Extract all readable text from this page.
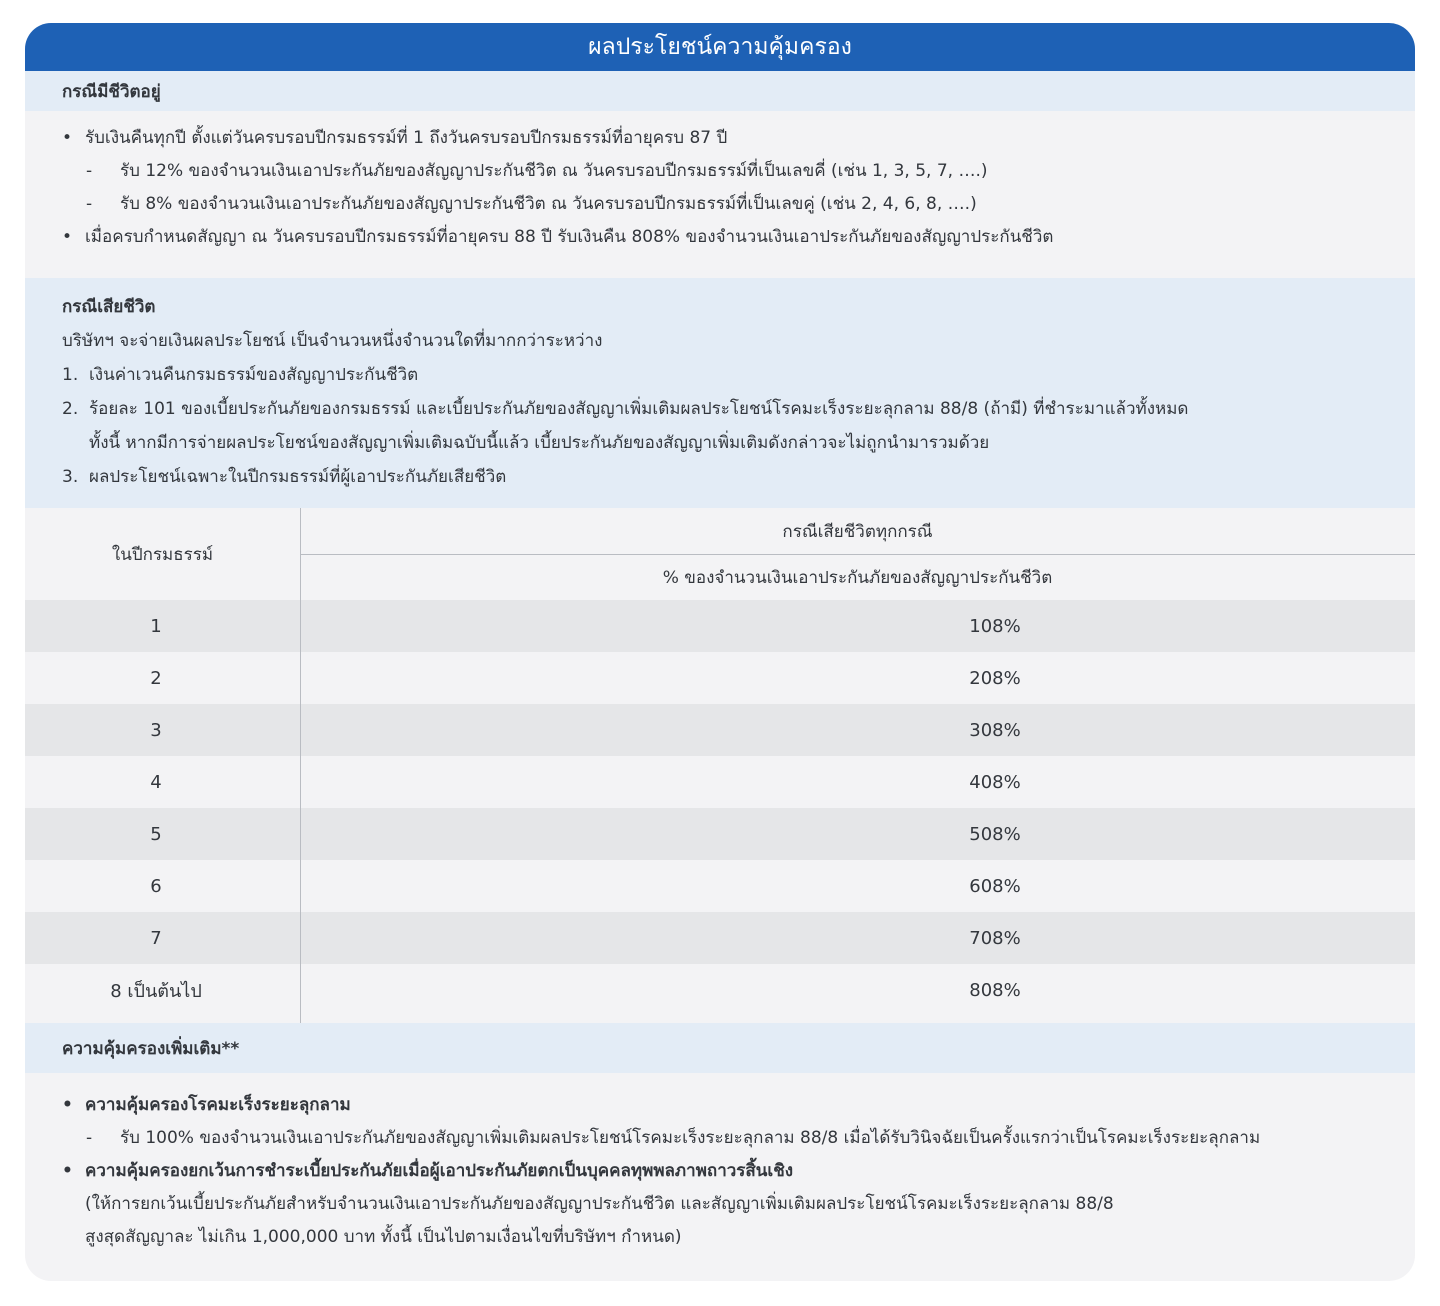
ผลประโยชน์ความคุ้มครอง
กรณีมีชีวิตอยู่
• รับเงินคืนทุกปี ตั้งแต่วันครบรอบปีกรมธรรม์ที่ 1 ถึงวันครบรอบปีกรมธรรม์ที่อายุครบ 87 ปี
- รับ 12% ของจำนวนเงินเอาประกันภัยของสัญญาประกันชีวิต ณ วันครบรอบปีกรมธรรม์ที่เป็นเลขคี่ (เช่น 1, 3, 5, 7, ….)
- รับ 8% ของจำนวนเงินเอาประกันภัยของสัญญาประกันชีวิต ณ วันครบรอบปีกรมธรรม์ที่เป็นเลขคู่ (เช่น 2, 4, 6, 8, ….)
• เมื่อครบกำหนดสัญญา ณ วันครบรอบปีกรมธรรม์ที่อายุครบ 88 ปี รับเงินคืน 808% ของจำนวนเงินเอาประกันภัยของสัญญาประกันชีวิต
กรณีเสียชีวิต
บริษัทฯ จะจ่ายเงินผลประโยชน์ เป็นจำนวนหนึ่งจำนวนใดที่มากกว่าระหว่าง
1. เงินค่าเวนคืนกรมธรรม์ของสัญญาประกันชีวิต
2. ร้อยละ 101 ของเบี้ยประกันภัยของกรมธรรม์ และเบี้ยประกันภัยของสัญญาเพิ่มเติมผลประโยชน์โรคมะเร็งระยะลุกลาม 88/8 (ถ้ามี) ที่ชำระมาแล้วทั้งหมด
ทั้งนี้ หากมีการจ่ายผลประโยชน์ของสัญญาเพิ่มเติมฉบับนี้แล้ว เบี้ยประกันภัยของสัญญาเพิ่มเติมดังกล่าวจะไม่ถูกนำมารวมด้วย
3. ผลประโยชน์เฉพาะในปีกรมธรรม์ที่ผู้เอาประกันภัยเสียชีวิต
ในปีกรมธรรม์
กรณีเสียชีวิตทุกกรณี
% ของจำนวนเงินเอาประกันภัยของสัญญาประกันชีวิต
1	108%
2	208%
3	308%
4	408%
5	508%
6	608%
7	708%
8 เป็นต้นไป	808%
ความคุ้มครองเพิ่มเติม**
• ความคุ้มครองโรคมะเร็งระยะลุกลาม
- รับ 100% ของจำนวนเงินเอาประกันภัยของสัญญาเพิ่มเติมผลประโยชน์โรคมะเร็งระยะลุกลาม 88/8 เมื่อได้รับวินิจฉัยเป็นครั้งแรกว่าเป็นโรคมะเร็งระยะลุกลาม
• ความคุ้มครองยกเว้นการชำระเบี้ยประกันภัยเมื่อผู้เอาประกันภัยตกเป็นบุคคลทุพพลภาพถาวรสิ้นเชิง
(ให้การยกเว้นเบี้ยประกันภัยสำหรับจำนวนเงินเอาประกันภัยของสัญญาประกันชีวิต และสัญญาเพิ่มเติมผลประโยชน์โรคมะเร็งระยะลุกลาม 88/8
สูงสุดสัญญาละ ไม่เกิน 1,000,000 บาท ทั้งนี้ เป็นไปตามเงื่อนไขที่บริษัทฯ กำหนด)
